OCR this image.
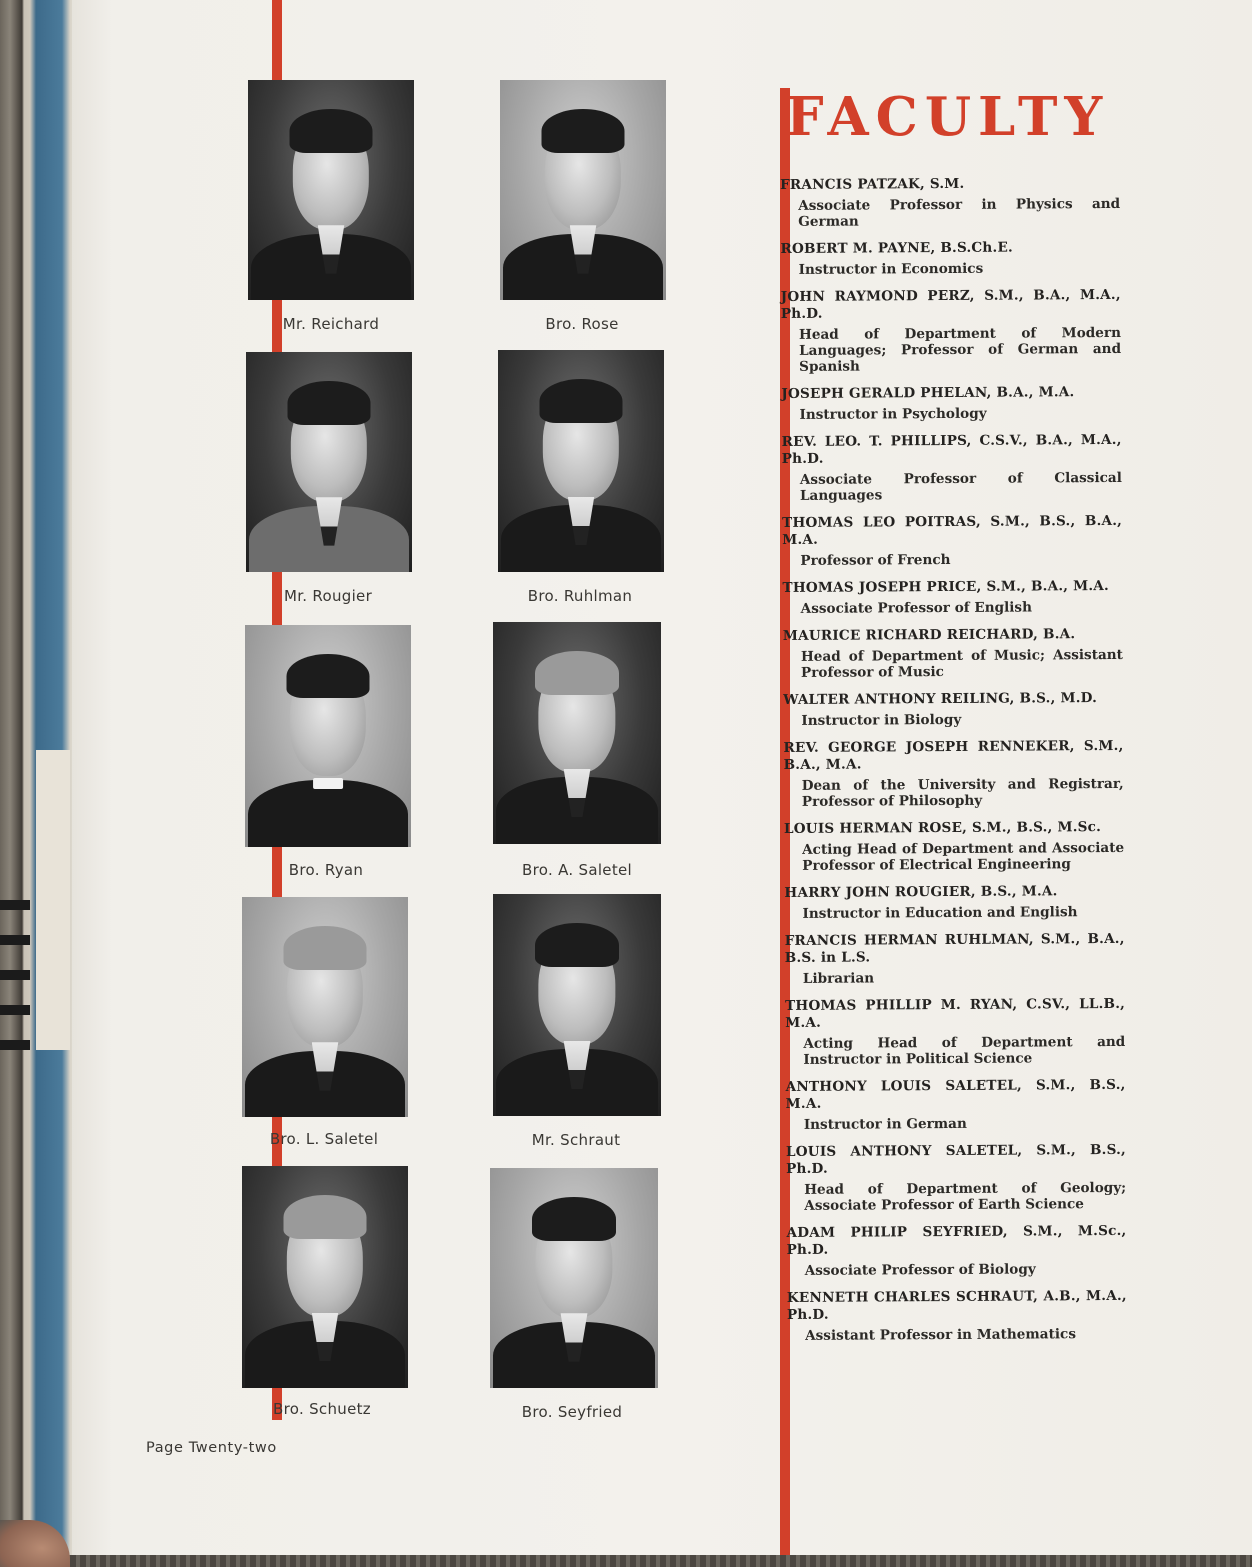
Mr. Reichard	Bro. Rose
Mr. Rougier	Bro. Ruhlman
Bro. Ryan	Bro. A. Saletel
Bro. L. Saletel	Mr. Schraut
Bro. Schuetz	Bro. Seyfried
FACULTY
FRANCIS PATZAK, S.M.
Associate Professor in Physics and German
ROBERT M. PAYNE, B.S.Ch.E.
Instructor in Economics
JOHN RAYMOND PERZ, S.M., B.A., M.A., Ph.D.
Head of Department of Modern Languages; Professor of German and Spanish
JOSEPH GERALD PHELAN, B.A., M.A.
Instructor in Psychology
REV. LEO. T. PHILLIPS, C.S.V., B.A., M.A., Ph.D.
Associate Professor of Classical Languages
THOMAS LEO POITRAS, S.M., B.S., B.A., M.A.
Professor of French
THOMAS JOSEPH PRICE, S.M., B.A., M.A.
Associate Professor of English
MAURICE RICHARD REICHARD, B.A.
Head of Department of Music; Assistant Professor of Music
WALTER ANTHONY REILING, B.S., M.D.
Instructor in Biology
REV. GEORGE JOSEPH RENNEKER, S.M., B.A., M.A.
Dean of the University and Registrar, Professor of Philosophy
LOUIS HERMAN ROSE, S.M., B.S., M.Sc.
Acting Head of Department and Associate Professor of Electrical Engineering
HARRY JOHN ROUGIER, B.S., M.A.
Instructor in Education and English
FRANCIS HERMAN RUHLMAN, S.M., B.A., B.S. in L.S.
Librarian
THOMAS PHILLIP M. RYAN, C.SV., LL.B., M.A.
Acting Head of Department and Instructor in Political Science
ANTHONY LOUIS SALETEL, S.M., B.S., M.A.
Instructor in German
LOUIS ANTHONY SALETEL, S.M., B.S., Ph.D.
Head of Department of Geology; Associate Professor of Earth Science
ADAM PHILIP SEYFRIED, S.M., M.Sc., Ph.D.
Associate Professor of Biology
KENNETH CHARLES SCHRAUT, A.B., M.A., Ph.D.
Assistant Professor in Mathematics
Page Twenty-two
